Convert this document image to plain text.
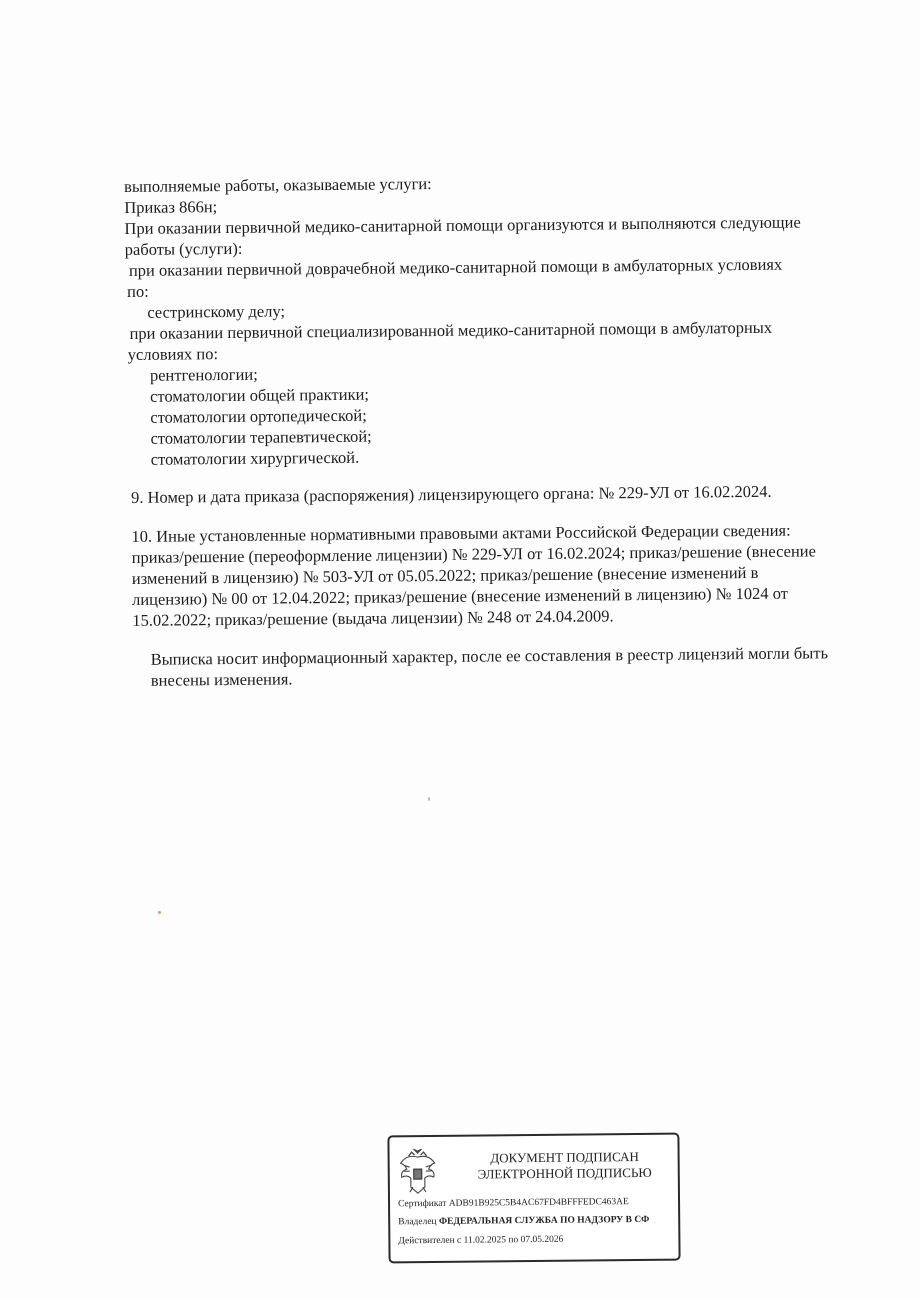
выполняемые работы, оказываемые услуги:
Приказ 866н;
При оказании первичной медико-санитарной помощи организуются и выполняются следующие
работы (услуги):
при оказании первичной доврачебной медико-санитарной помощи в амбулаторных условиях
по:
сестринскому делу;
при оказании первичной специализированной медико-санитарной помощи в амбулаторных
условиях по:
рентгенологии;
стоматологии общей практики;
стоматологии ортопедической;
стоматологии терапевтической;
стоматологии хирургической.
9. Номер и дата приказа (распоряжения) лицензирующего органа: № 229-УЛ от 16.02.2024.
10. Иные установленные нормативными правовыми актами Российской Федерации сведения:
приказ/решение (переоформление лицензии) № 229-УЛ от 16.02.2024; приказ/решение (внесение
изменений в лицензию) № 503-УЛ от 05.05.2022; приказ/решение (внесение изменений в
лицензию) № 00 от 12.04.2022; приказ/решение (внесение изменений в лицензию) № 1024 от
15.02.2022; приказ/решение (выдача лицензии) № 248 от 24.04.2009.
Выписка носит информационный характер, после ее составления в реестр лицензий могли быть
внесены изменения.
ДОКУМЕНТ ПОДПИСАН
ЭЛЕКТРОННОЙ ПОДПИСЬЮ
Сертификат ADB91B925C5B4AC67FD4BFFFEDC463AE
Владелец ФЕДЕРАЛЬНАЯ СЛУЖБА ПО НАДЗОРУ В СФ
Действителен с 11.02.2025 по 07.05.2026
